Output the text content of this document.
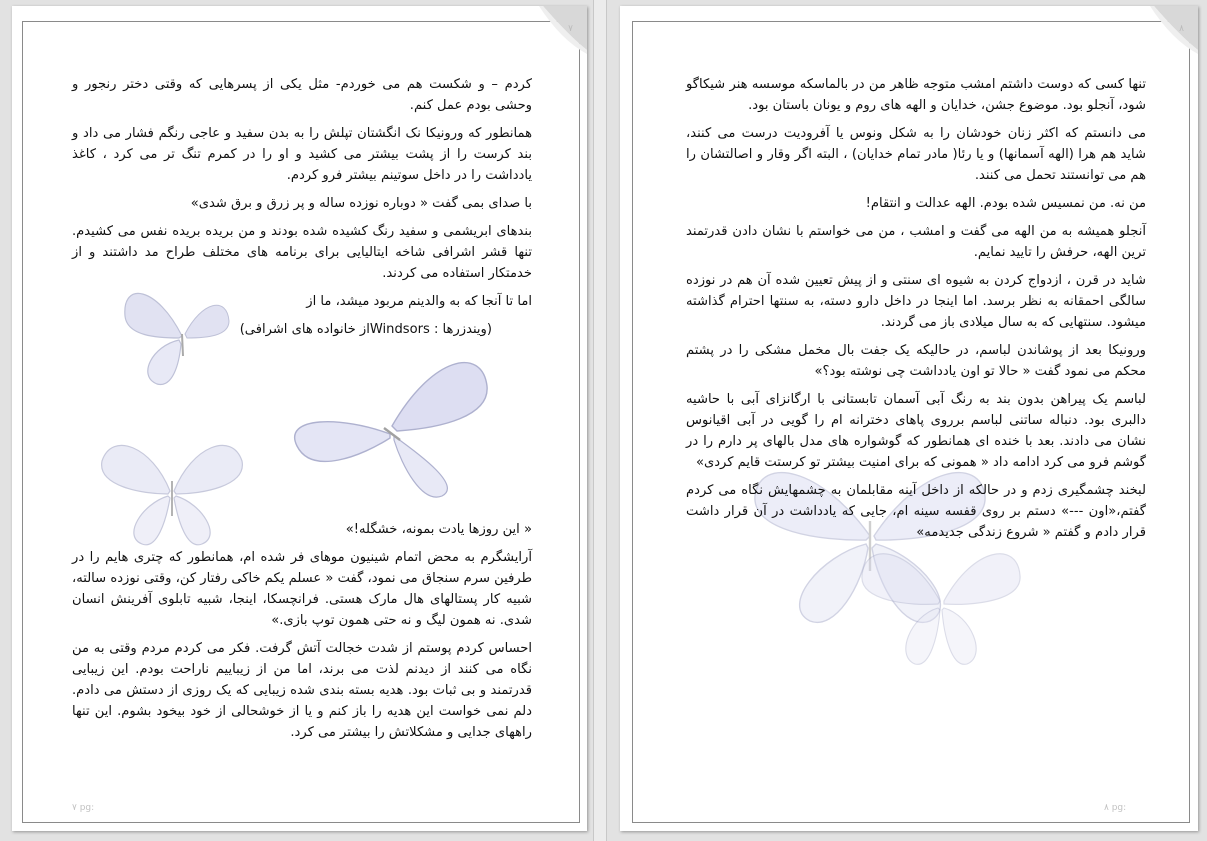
٧

کردم – و شکست هم می خوردم- مثل یکی از پسرهایی که وقتی دختر رنجور و وحشی بودم عمل کنم.

همانطور که ورونیکا نک انگشتان تپلش را به بدن سفید و عاجی رنگم فشار می داد و بند کرست را از پشت بیشتر می کشید و او را در کمرم تنگ تر می کرد ، کاغذ یادداشت را در داخل سوتینم بیشتر فرو کردم.

با صدای بمی گفت « دوباره نوزده ساله و پر زرق و برق شدی»

بندهای ابریشمی و سفید رنگ کشیده شده بودند و من بریده بریده نفس می کشیدم. تنها قشر اشرافی شاخه ایتالیایی برای برنامه های مختلف طراح مد داشتند و از خدمتکار استفاده می کردند.

اما تا آنجا که به والدینم مربود میشد، ما از

(ویندزرها : Windsorsاز خانواده های اشرافی)

« این روزها یادت بمونه، خشگله!»

آرایشگرم به محض اتمام شینیون موهای فر شده ام، همانطور که چتری هایم را در طرفین سرم سنجاق می نمود، گفت « عسلم یکم خاکی رفتار کن، وقتی نوزده سالته، شبیه کار پستالهای هال مارک هستی. فرانچسکا، اینجا، شبیه تابلوی آفرینش انسان شدی. نه همون لیگ و نه حتی همون توپ بازی.»

احساس کردم پوستم از شدت خجالت آتش گرفت. فکر می کردم مردم وقتی به من نگاه می کنند از دیدنم لذت می برند، اما من از زیباییم ناراحت بودم. این زیبایی قدرتمند و بی ثبات بود. هدیه بسته بندی شده زیبایی که یک روزی از دستش می دادم. دلم نمی خواست این هدیه را باز کنم و یا از خوشحالی از خود بیخود بشوم. این تنها راههای جدایی و مشکلاتش را بیشتر می کرد.

٧ pg:
٨

تنها کسی که دوست داشتم امشب متوجه ظاهر من در بالماسکه موسسه هنر شیکاگو شود، آنجلو بود. موضوع جشن، خدایان و الهه های روم و یونان باستان بود.

می دانستم که اکثر زنان خودشان را به شکل ونوس یا آفرودیت درست می کنند، شاید هم هرا (الهه آسمانها) و یا رئا( مادر تمام خدایان) ، البته اگر وقار و اصالتشان را هم می توانستند تحمل می کنند.

من نه. من نمسیس شده بودم. الهه عدالت و انتقام!

آنجلو همیشه به من الهه می گفت و امشب ، من می خواستم با نشان دادن قدرتمند ترین الهه، حرفش را تایید نمایم.

شاید در قرن ، ازدواج کردن به شیوه ای سنتی و از پیش تعیین شده آن هم در نوزده سالگی احمقانه به نظر برسد. اما اینجا در داخل دارو دسته، به سنتها احترام گذاشته میشود. سنتهایی که به سال میلادی باز می گردند.

ورونیکا بعد از پوشاندن لباسم، در حالیکه یک جفت بال مخمل مشکی را در پشتم محکم می نمود گفت « حالا تو اون یادداشت چی نوشته بود؟»

لباسم یک پیراهن بدون بند به رنگ آبی آسمان تابستانی با ارگانزای آبی با حاشیه دالبری بود. دنباله ساتنی لباسم برروی پاهای دخترانه ام را گویی در آبی اقیانوس نشان می دادند. بعد با خنده ای همانطور که گوشواره های مدل بالهای پر دارم را در گوشم فرو می کرد ادامه داد « همونی که برای امنیت بیشتر تو کرستت قایم کردی»

لبخند چشمگیری زدم و در حالکه از داخل آینه مقابلمان به چشمهایش نگاه می کردم گفتم،«اون ---» دستم بر روی قفسه سینه ام، جایی که یادداشت در آن قرار داشت قرار دادم و گفتم « شروع زندگی جدیدمه»

٨ pg:
